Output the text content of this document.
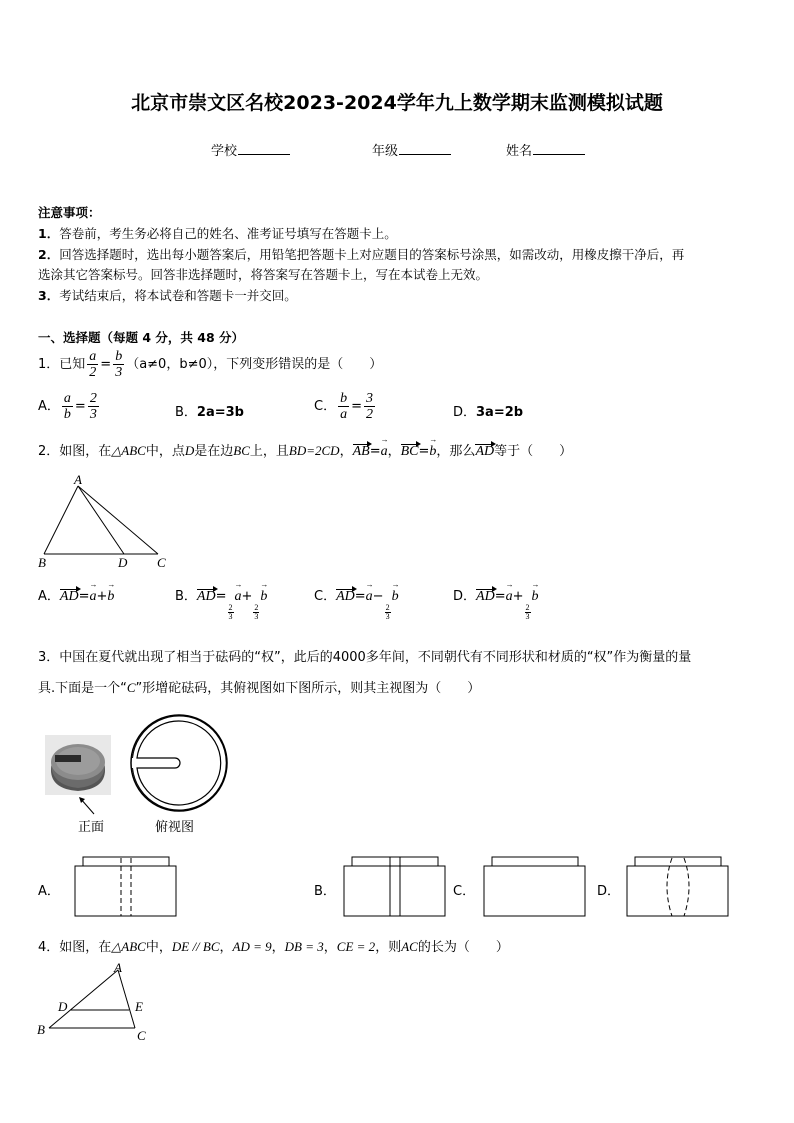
北京市崇文区名校2023-2024学年九上数学期末监测模拟试题
学校	年级	姓名
注意事项：
1．答卷前，考生务必将自己的姓名、准考证号填写在答题卡上。
2．回答选择题时，选出每小题答案后，用铅笔把答题卡上对应题目的答案标号涂黑，如需改动，用橡皮擦干净后，再
选涂其它答案标号。回答非选择题时，将答案写在答题卡上，写在本试卷上无效。
3．考试结束后，将本试卷和答题卡一并交回。
一、选择题（每题 4 分，共 48 分）
1．已知 $\frac{a}{2} = \frac{b}{3} (a\ne 0$，b≠0），下列变形错误的是（　　）
A． $\frac{a}{b} = \frac{2}{3}$	B．2a=3b	C． $\frac{b}{a} = \frac{3}{2}$	D．3a=2b
2．如图，在△ABC中，点D是在边BC上，且BD=2CD，AB=→ a，BC=→ b，那么AD等于（　　）
A
B	C
D
A．AD=→ a+→ b	B．AD=
$\frac{2}{3}$
→ a+
$\frac{2}{3}$
→ b	C．AD=→ a−
$\frac{2}{3}$
→ b	D．AD=→ a+
$\frac{2}{3}$
→ b
3．中国在夏代就出现了相当于砝码的“权”，此后的4000多年间，不同朝代有不同形状和材质的“权”作为衡量的量
具.下面是一个“C”形增砣砝码，其俯视图如下图所示，则其主视图为（　　）
正面	俯视图
A．	B．	C．	D．
4．如图，在△ABC中，DE // BC，AD = 9，DB = 3，CE = 2，则AC的长为（　　）
A
D	E
B	C
